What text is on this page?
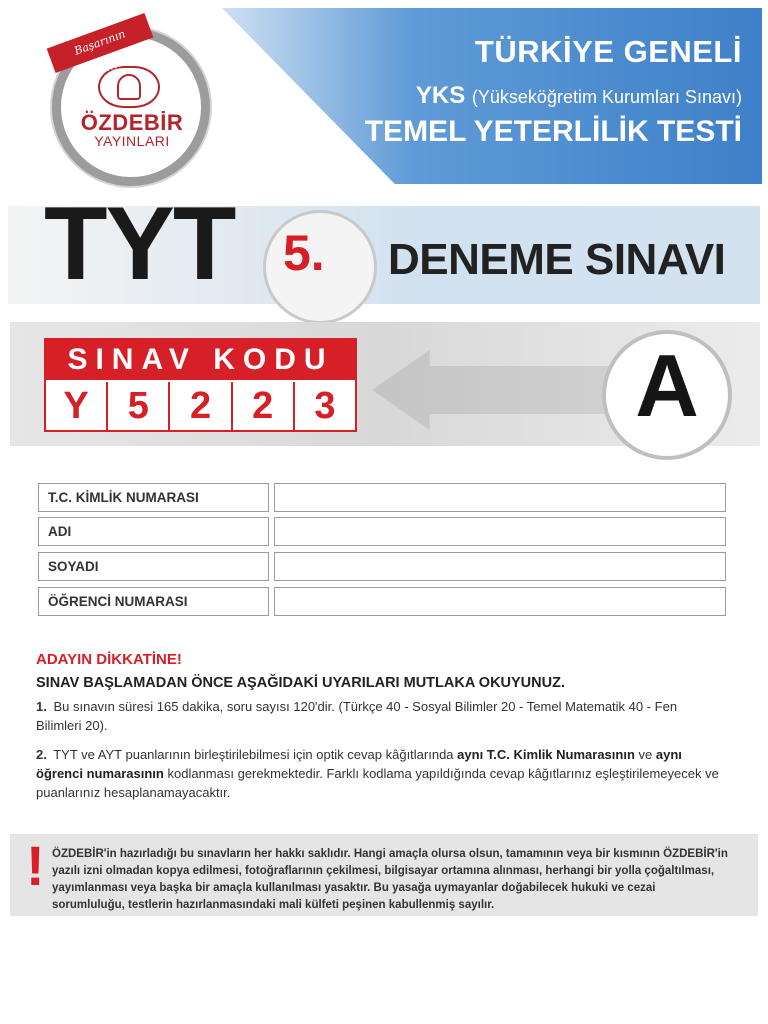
TÜRKİYE GENELİ
YKS (Yükseköğretim Kurumları Sınavı)
TEMEL YETERLİLİK TESTİ
ÖZDEBİR
YAYINLARI
Başarının Anahtarı
TYT 5. DENEME SINAVI
SINAV KODU
Y	5	2	2	3	A
T.C. KİMLİK NUMARASI
ADI
SOYADI
ÖĞRENCİ NUMARASI
ADAYIN DİKKATİNE!
SINAV BAŞLAMADAN ÖNCE AŞAĞIDAKİ UYARILARI MUTLAKA OKUYUNUZ.
1. Bu sınavın süresi 165 dakika, soru sayısı 120'dir. (Türkçe 40 - Sosyal Bilimler 20 - Temel Matematik 40 - Fen Bilimleri 20).
2. TYT ve AYT puanlarının birleştirilebilmesi için optik cevap kâğıtlarında aynı T.C. Kimlik Numarasının ve aynı öğrenci numarasının kodlanması gerekmektedir. Farklı kodlama yapıldığında cevap kâğıtlarınız eşleştirilemeyecek ve puanlarınız hesaplanamayacaktır.
! ÖZDEBİR'in hazırladığı bu sınavların her hakkı saklıdır. Hangi amaçla olursa olsun, tamamının veya bir kısmının ÖZDEBİR'in yazılı izni olmadan kopya edilmesi, fotoğraflarının çekilmesi, bilgisayar ortamına alınması, herhangi bir yolla çoğaltılması, yayımlanması veya başka bir amaçla kullanılması yasaktır. Bu yasağa uymayanlar doğabilecek hukuki ve cezai sorumluluğu, testlerin hazırlanmasındaki mali külfeti peşinen kabullenmiş sayılır.
